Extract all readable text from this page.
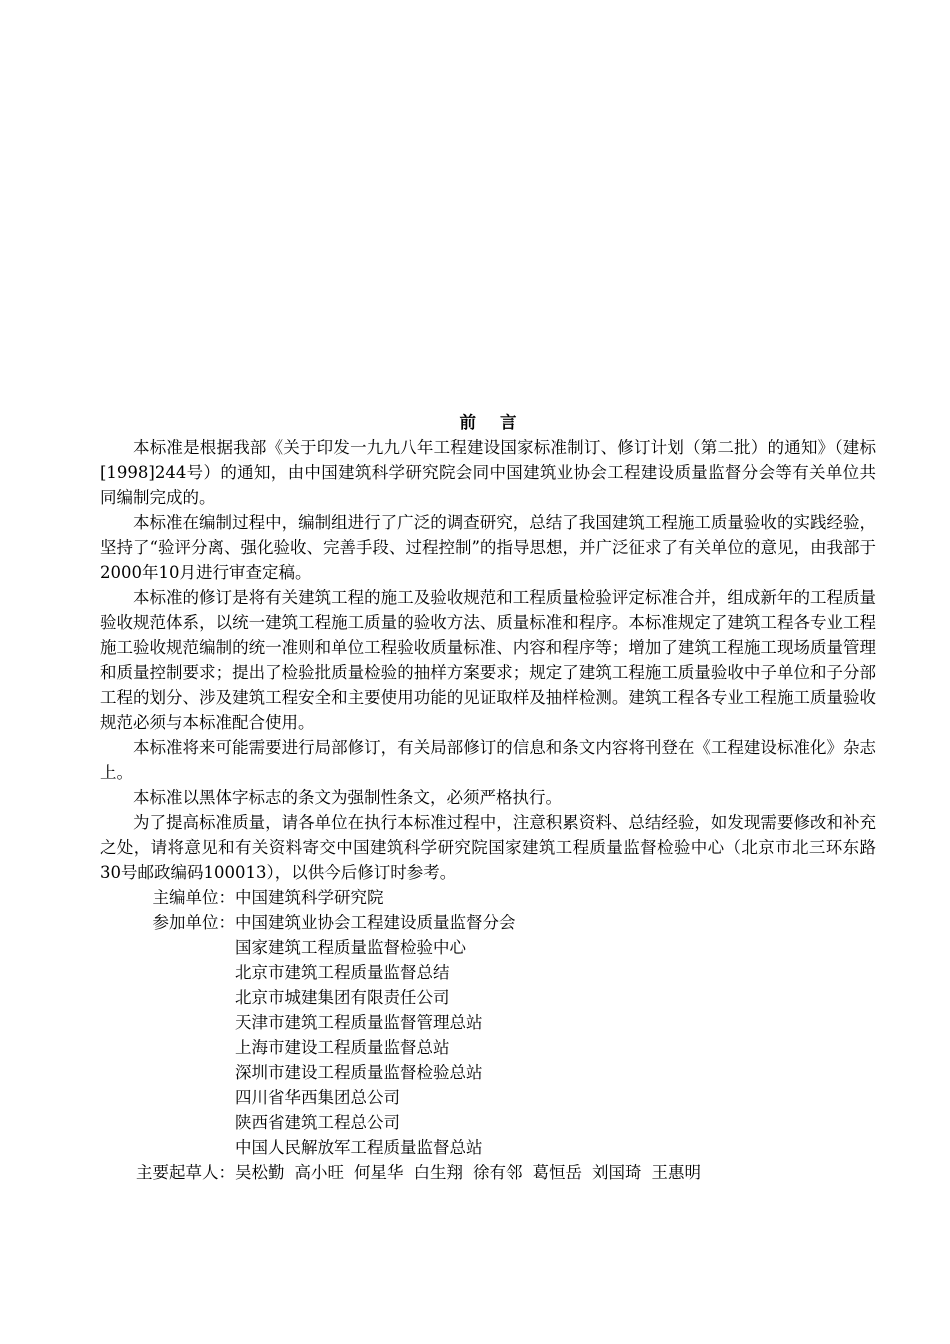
前 言

本标准是根据我部《关于印发一九九八年工程建设国家标准制订、修订计划（第二批）的通知》（建标[1998]244号）的通知，由中国建筑科学研究院会同中国建筑业协会工程建设质量监督分会等有关单位共同编制完成的。

本标准在编制过程中，编制组进行了广泛的调查研究，总结了我国建筑工程施工质量验收的实践经验，坚持了“验评分离、强化验收、完善手段、过程控制”的指导思想，并广泛征求了有关单位的意见，由我部于2000年10月进行审查定稿。

本标准的修订是将有关建筑工程的施工及验收规范和工程质量检验评定标准合并，组成新年的工程质量验收规范体系，以统一建筑工程施工质量的验收方法、质量标准和程序。本标准规定了建筑工程各专业工程施工验收规范编制的统一准则和单位工程验收质量标准、内容和程序等；增加了建筑工程施工现场质量管理和质量控制要求；提出了检验批质量检验的抽样方案要求；规定了建筑工程施工质量验收中子单位和子分部工程的划分、涉及建筑工程安全和主要使用功能的见证取样及抽样检测。建筑工程各专业工程施工质量验收规范必须与本标准配合使用。

本标准将来可能需要进行局部修订，有关局部修订的信息和条文内容将刊登在《工程建设标准化》杂志上。

本标准以黑体字标志的条文为强制性条文，必须严格执行。

为了提高标准质量，请各单位在执行本标准过程中，注意积累资料、总结经验，如发现需要修改和补充之处，请将意见和有关资料寄交中国建筑科学研究院国家建筑工程质量监督检验中心（北京市北三环东路30号邮政编码100013），以供今后修订时参考。

主编单位： 中国建筑科学研究院
参加单位： 中国建筑业协会工程建设质量监督分会
国家建筑工程质量监督检验中心
北京市建筑工程质量监督总结
北京市城建集团有限责任公司
天津市建筑工程质量监督管理总站
上海市建设工程质量监督总站
深圳市建设工程质量监督检验总站
四川省华西集团总公司
陕西省建筑工程总公司
中国人民解放军工程质量监督总站
主要起草人： 吴松勤 高小旺 何星华 白生翔 徐有邻 葛恒岳 刘国琦 王惠明
